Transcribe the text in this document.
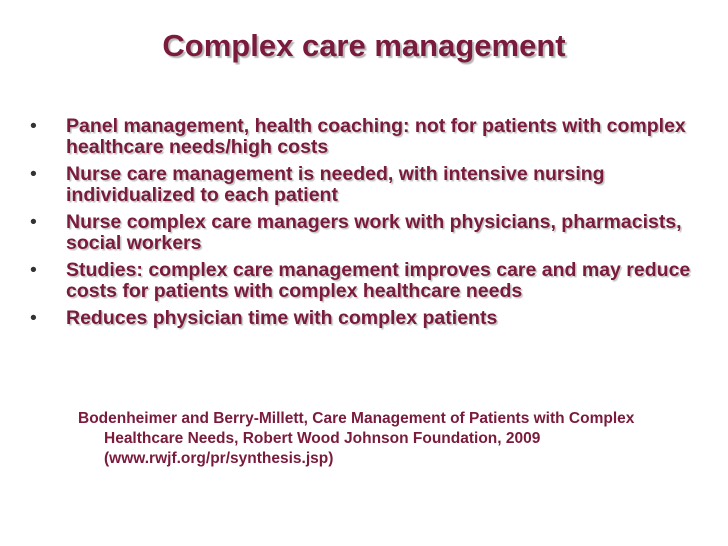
Complex care management
•	Panel management, health coaching: not for patients with complex healthcare needs/high costs
•	Nurse care management is needed, with intensive nursing individualized to each patient
•	Nurse complex care managers work with physicians, pharmacists, social workers
•	Studies: complex care management improves care and may reduce costs for patients with complex healthcare needs
•	Reduces physician time with complex patients

Bodenheimer and Berry-Millett, Care Management of Patients with Complex Healthcare Needs, Robert Wood Johnson Foundation, 2009 (www.rwjf.org/pr/synthesis.jsp)
